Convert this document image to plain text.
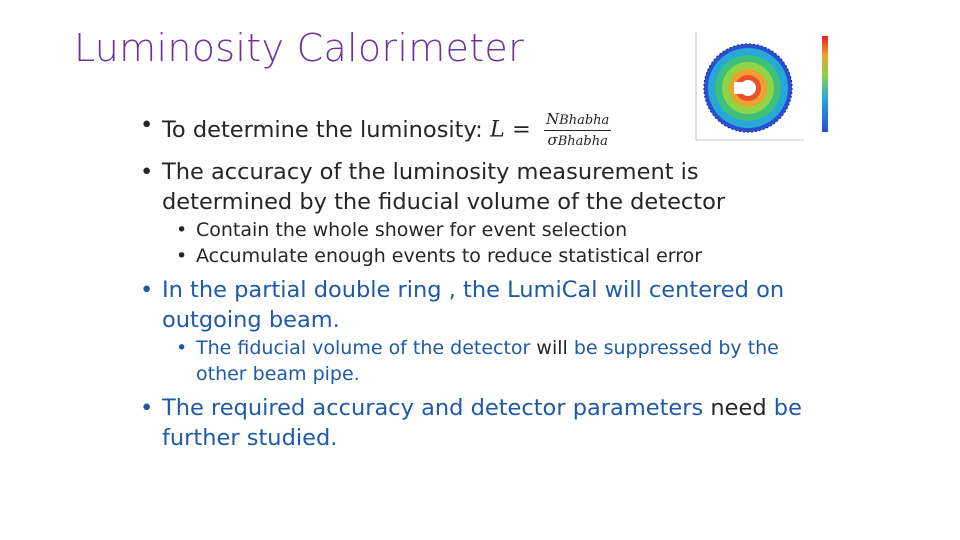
Luminosity Calorimeter
• To determine the luminosity: $L = \frac{\text{NBhabha}}{\text{σBhabha}}$
• The accuracy of the luminosity measurement is determined by the fiducial volume of the detector
• Contain the whole shower for event selection
• Accumulate enough events to reduce statistical error
• In the partial double ring , the LumiCal will centered on outgoing beam.
• The fiducial volume of the detector will be suppressed by the other beam pipe.
• The required accuracy and detector parameters need be further studied.
